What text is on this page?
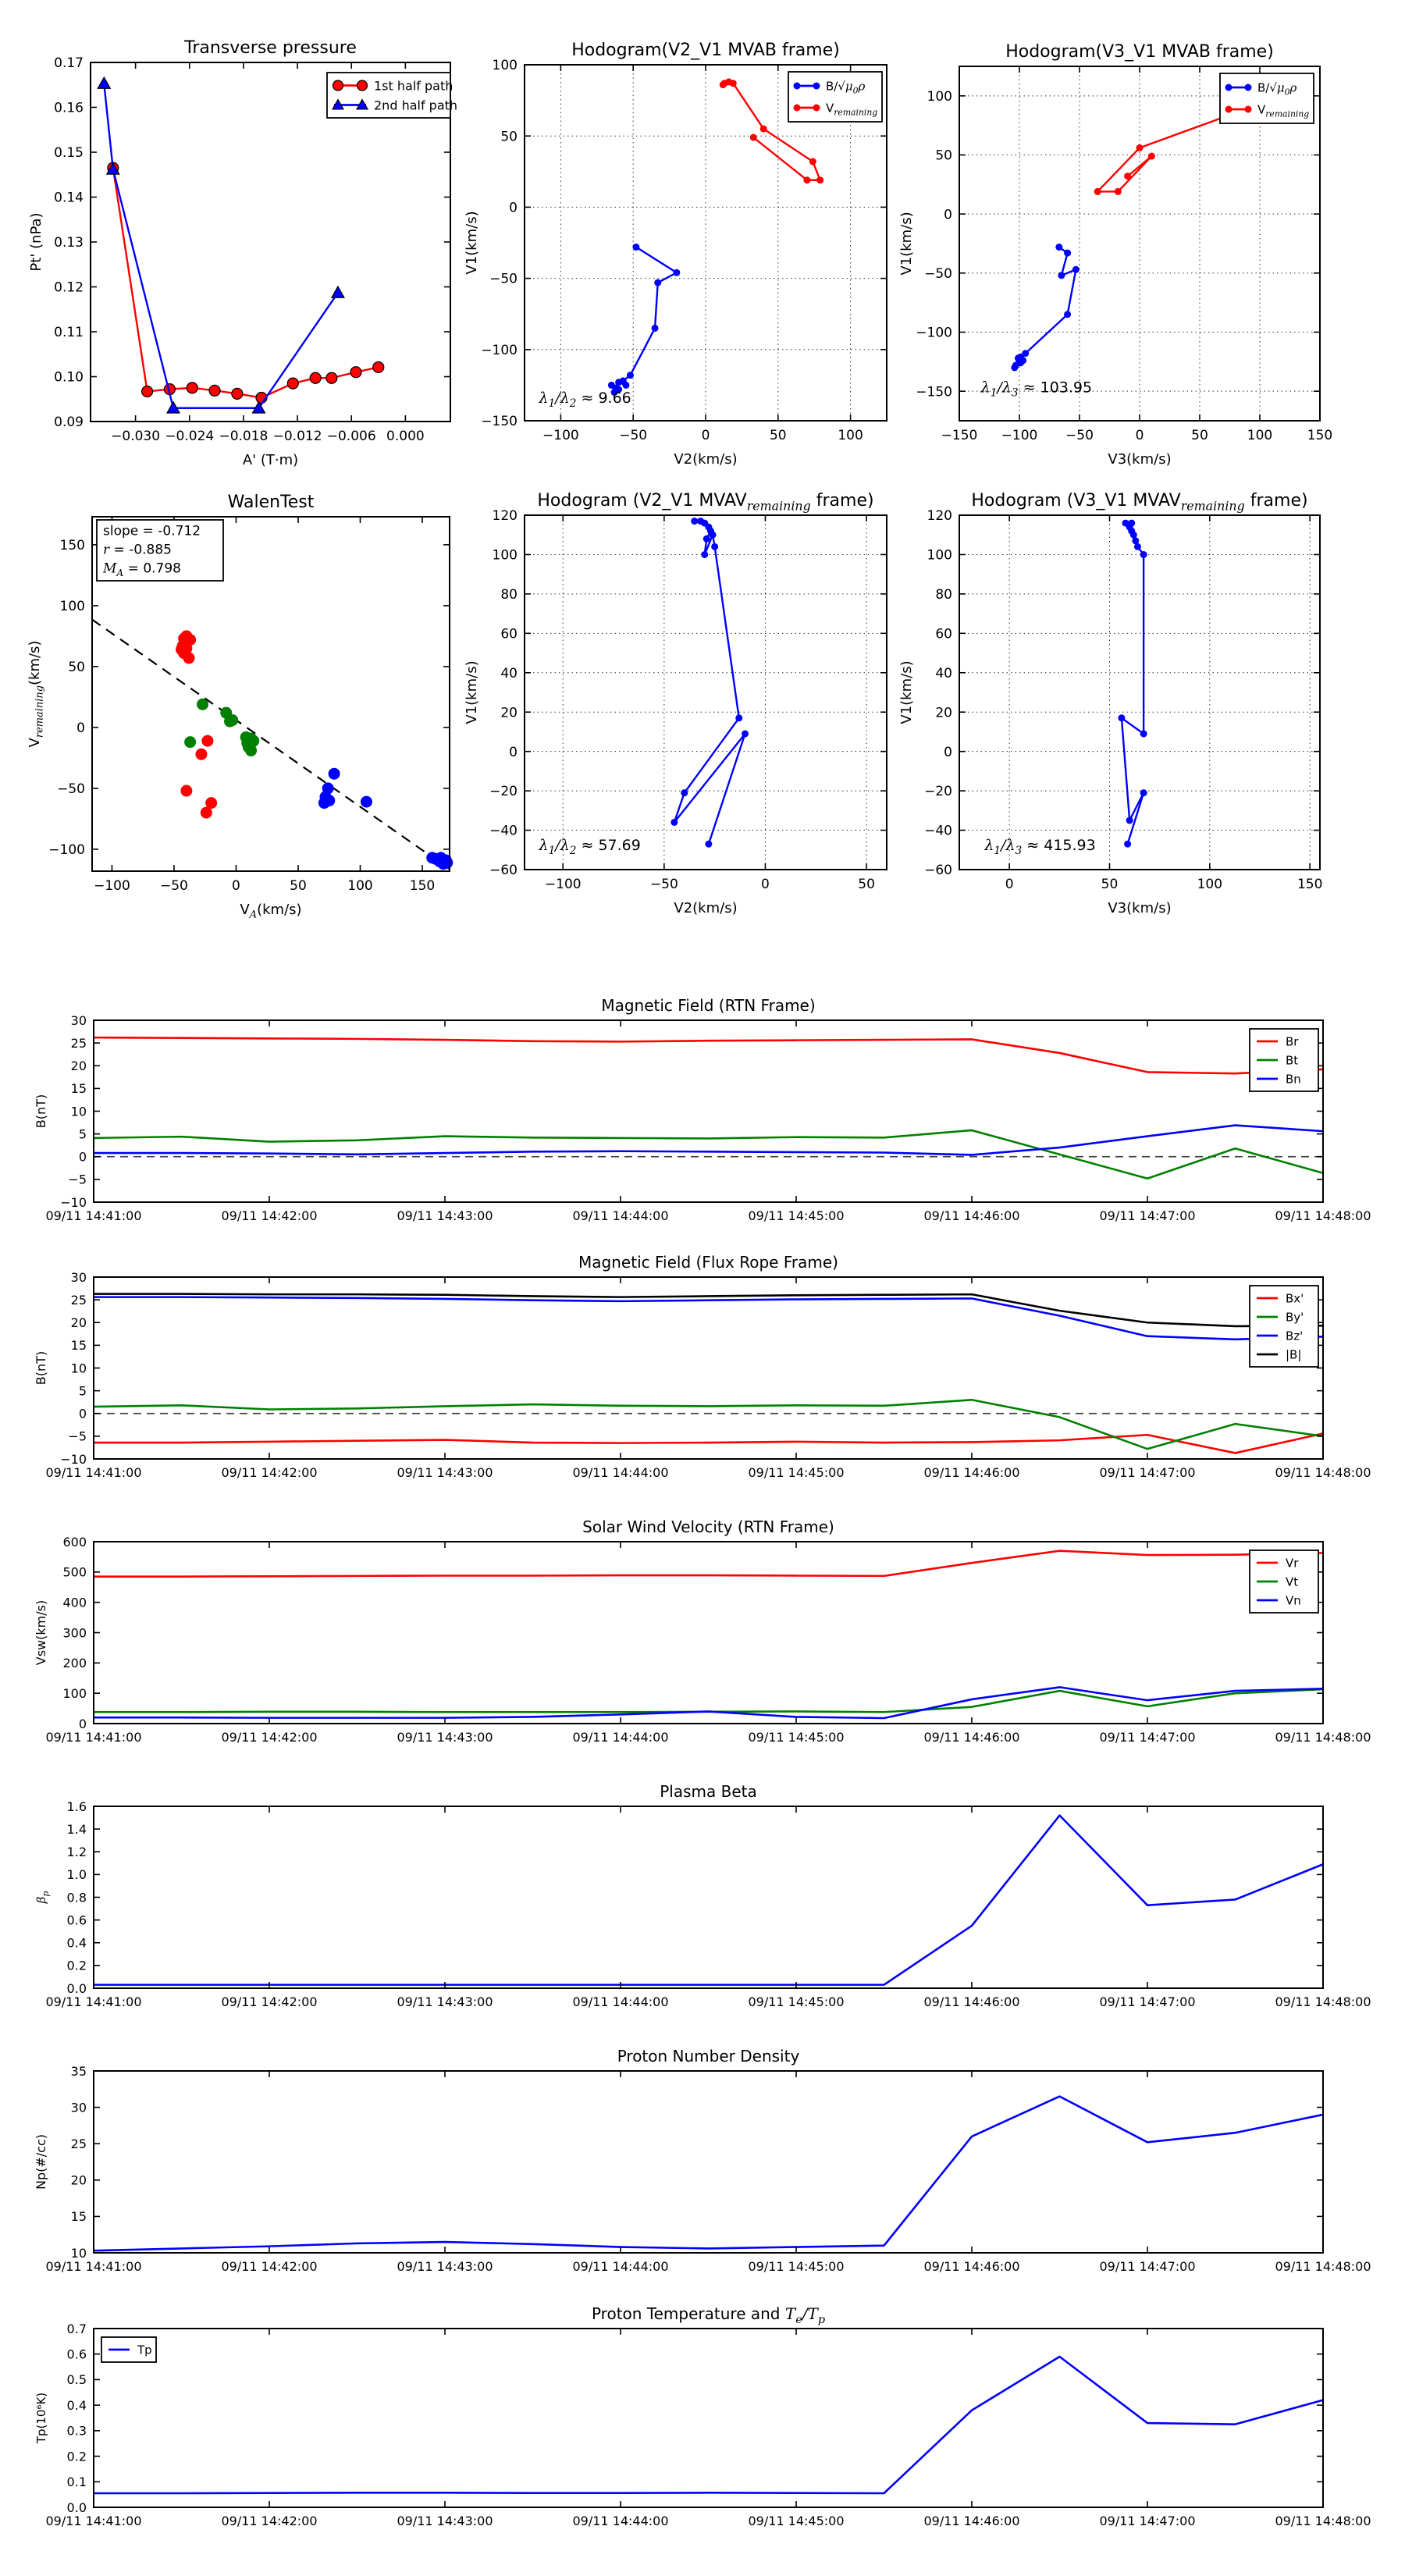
−0.030 −0.024 −0.018 −0.012 −0.006 0.000
0.09
0.10
0.11
0.12
0.13
0.14
0.15
0.16
0.17
Transverse pressure
A' (T·m)
Pt' (nPa)
1st half path
2nd half path
−100	−50	0	50	100
−150
−100
−50
0
50
100
Hodogram(V2_V1 MVAB frame)
V2(km/s)
V1(km/s)
$\lambda_1/\lambda_2 \approx 9.66$
$B/√\mu_0\rho$
$V_{remaining}$
−150 −100 −50	0	50	100	150
−150
−100
−50
0
50
100
Hodogram(V3_V1 MVAB frame)
V3(km/s)
V1(km/s)
$\lambda_1/\lambda_3 \approx 103.95$
$B/√\mu_0\rho$
$V_{remaining}$
−100 −50	0	50	100	150
−100
−50
0
50
100
150
WalenTest
$V_A(km/s)$
$V_{remaining}(km/s)$
slope = -0.712
r = -0.885
$M_A = 0.798$
−100	−50	0	50
−60
−40
−20
0
20
40
60
80
100
120
Hodogram (V2_V1 $MVAV_{remaining}$ frame)
V2(km/s)
V1(km/s)
$\lambda_1/\lambda_2 \approx 57.69$
0	50	100	150
−60
−40
−20
0
20
40
60
80
100
120
Hodogram (V3_V1 $MVAV_{remaining}$ frame)
V3(km/s)
V1(km/s)
$\lambda_1/\lambda_3 \approx 415.93$
09/11 14:41:00	09/11 14:42:00	09/11 14:43:00	09/11 14:44:00	09/11 14:45:00	09/11 14:46:00	09/11 14:47:00	09/11 14:48:00
−10
−5
0
5
10
15
20
25
30
Magnetic Field (RTN Frame)
B(nT)
Br
Bt
Bn
09/11 14:41:00	09/11 14:42:00	09/11 14:43:00	09/11 14:44:00	09/11 14:45:00	09/11 14:46:00	09/11 14:47:00	09/11 14:48:00
−10
−5
0
5
10
15
20
25
30
Magnetic Field (Flux Rope Frame)
B(nT)
Bx'
By'
Bz'
|B|
09/11 14:41:00	09/11 14:42:00	09/11 14:43:00	09/11 14:44:00	09/11 14:45:00	09/11 14:46:00	09/11 14:47:00	09/11 14:48:00
0
100
200
300
400
500
600
Solar Wind Velocity (RTN Frame)
Vsw(km/s)
Vr
Vt
Vn
09/11 14:41:00	09/11 14:42:00	09/11 14:43:00	09/11 14:44:00	09/11 14:45:00	09/11 14:46:00	09/11 14:47:00	09/11 14:48:00
0.0
0.2
0.4
0.6
0.8
1.0
1.2
1.4
1.6
Plasma Beta
$\beta_p$
09/11 14:41:00	09/11 14:42:00	09/11 14:43:00	09/11 14:44:00	09/11 14:45:00	09/11 14:46:00	09/11 14:47:00	09/11 14:48:00
10
15
20
25
30
35
Proton Number Density
Np(#/cc)
09/11 14:41:00	09/11 14:42:00	09/11 14:43:00	09/11 14:44:00	09/11 14:45:00	09/11 14:46:00	09/11 14:47:00	09/11 14:48:00
0.0
0.1
0.2
0.3
0.4
0.5
0.6
0.7
Proton Temperature and $T_e/T_p$
Tp(10⁶K)
Tp
